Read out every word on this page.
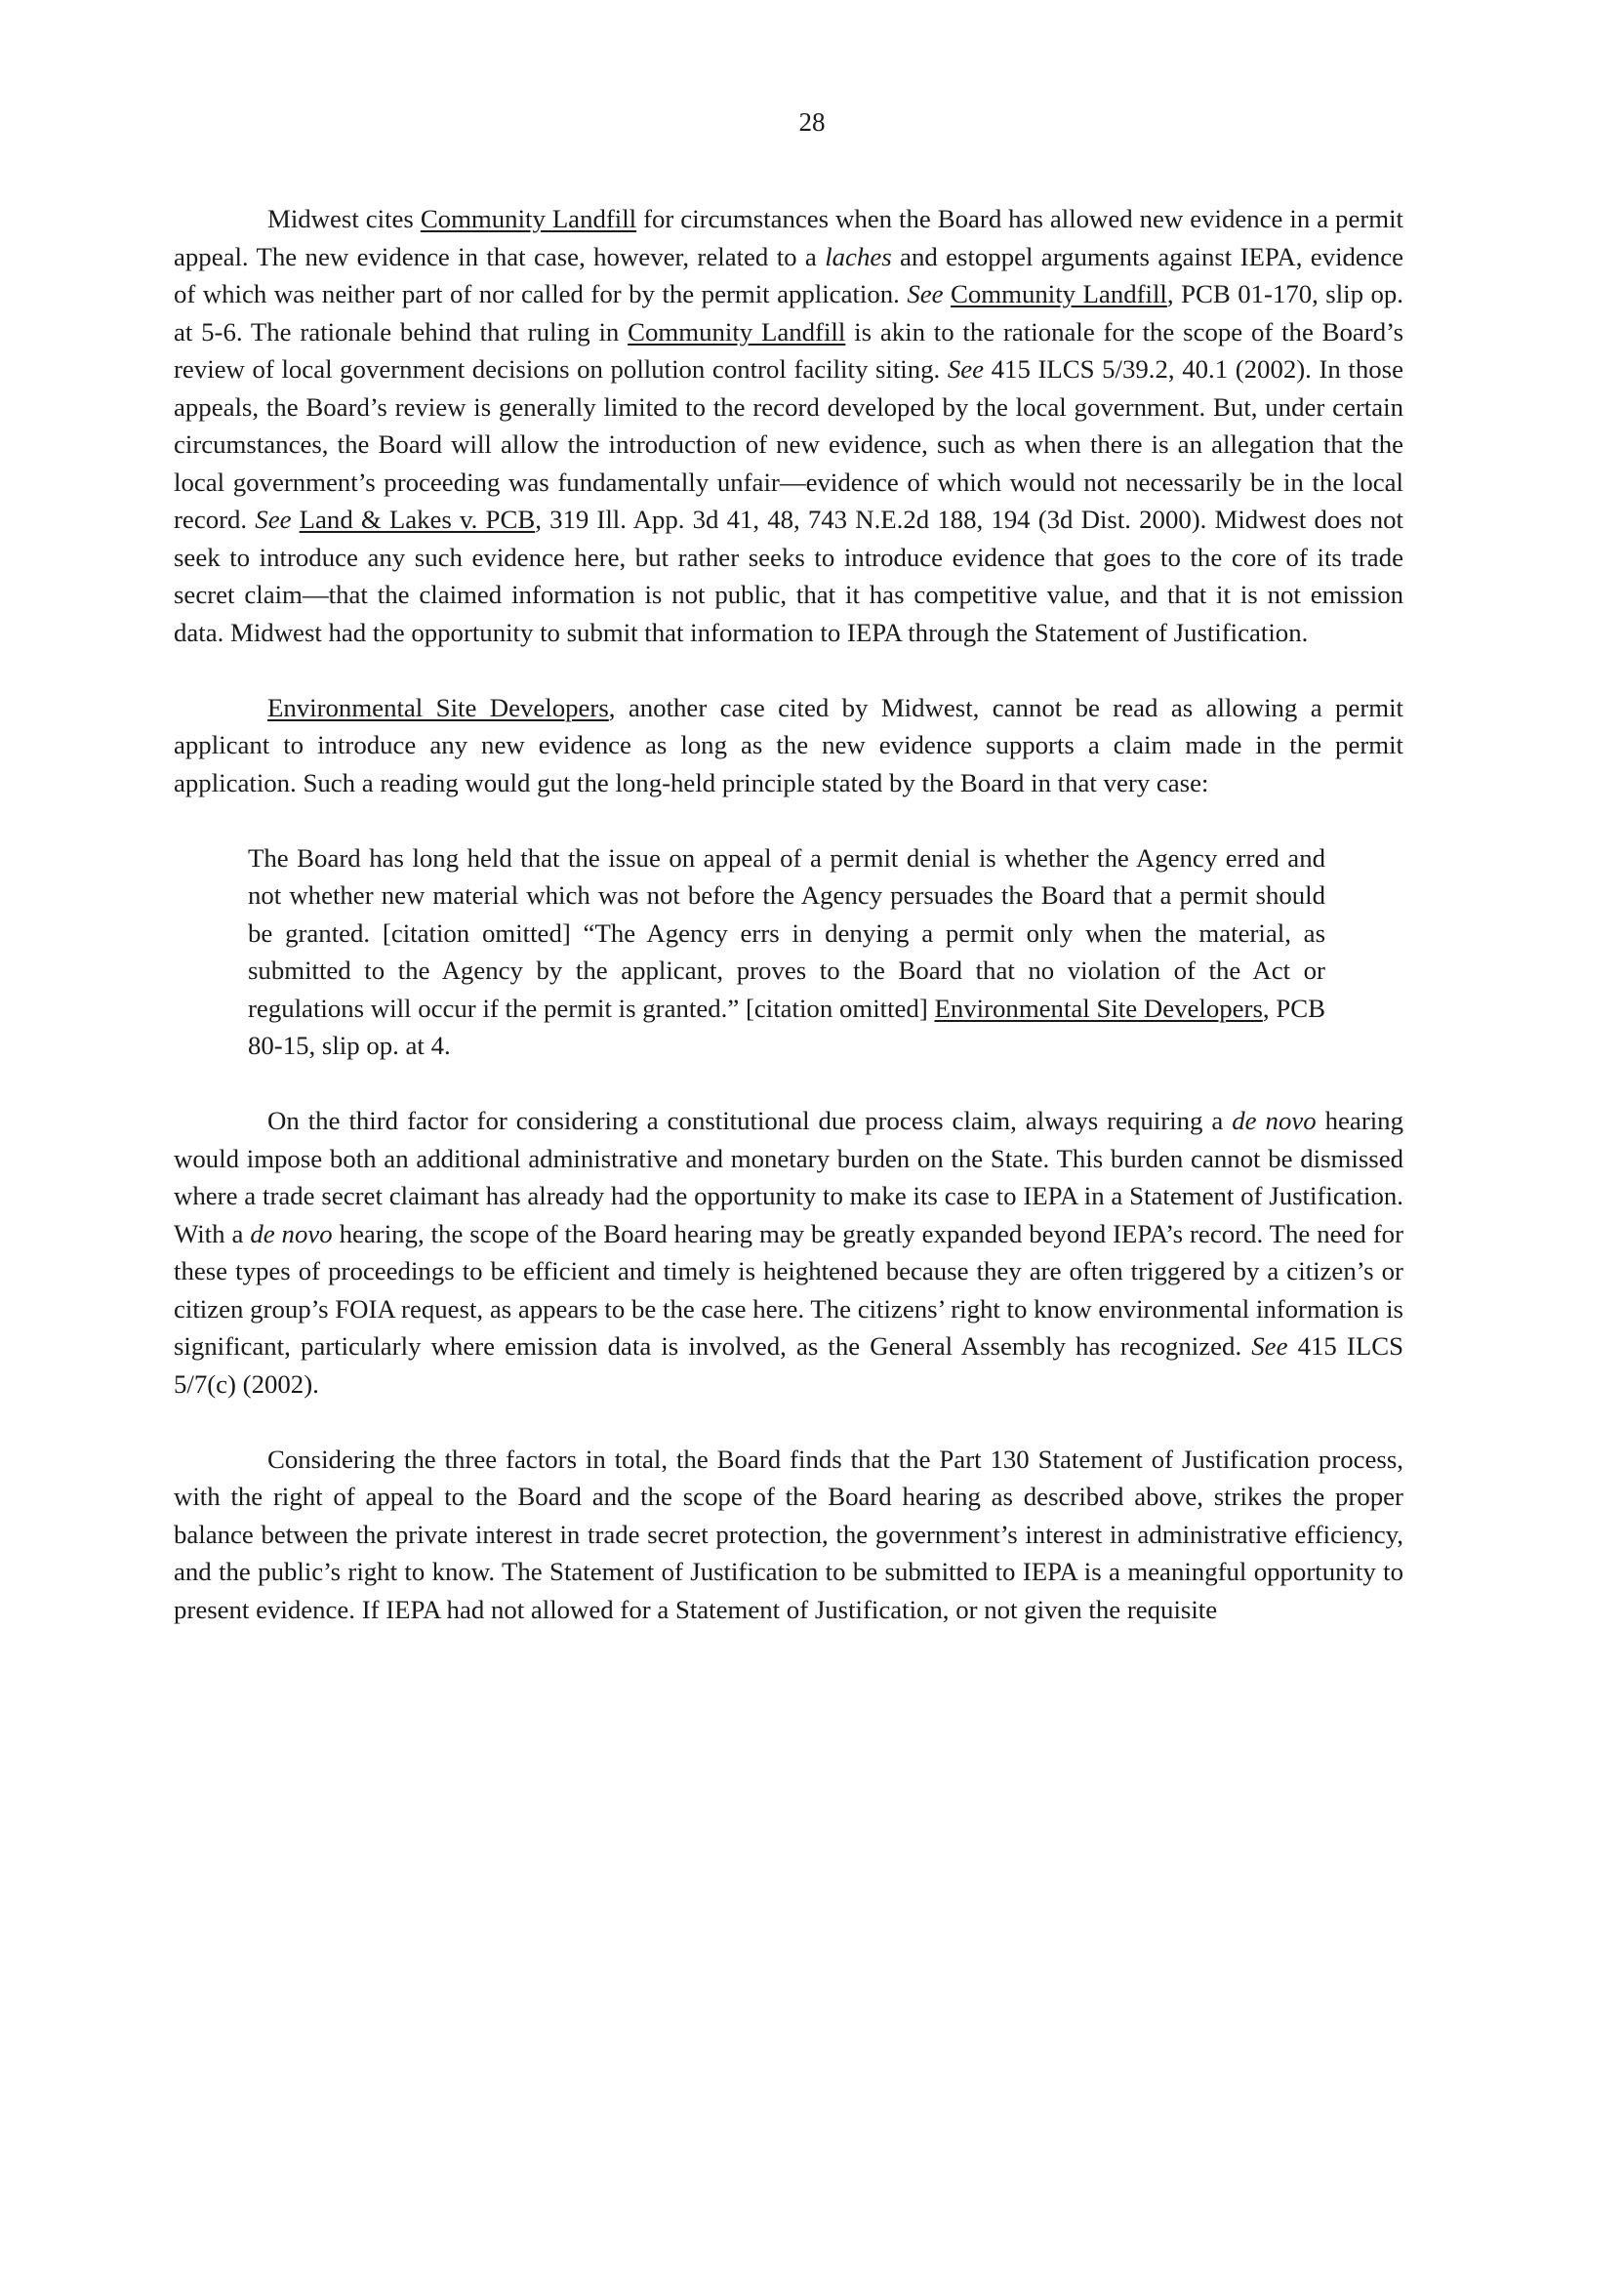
28

Midwest cites Community Landfill for circumstances when the Board has allowed new evidence in a permit appeal. The new evidence in that case, however, related to a laches and estoppel arguments against IEPA, evidence of which was neither part of nor called for by the permit application. See Community Landfill, PCB 01-170, slip op. at 5-6. The rationale behind that ruling in Community Landfill is akin to the rationale for the scope of the Board’s review of local government decisions on pollution control facility siting. See 415 ILCS 5/39.2, 40.1 (2002). In those appeals, the Board’s review is generally limited to the record developed by the local government. But, under certain circumstances, the Board will allow the introduction of new evidence, such as when there is an allegation that the local government’s proceeding was fundamentally unfair—evidence of which would not necessarily be in the local record. See Land & Lakes v. PCB, 319 Ill. App. 3d 41, 48, 743 N.E.2d 188, 194 (3d Dist. 2000). Midwest does not seek to introduce any such evidence here, but rather seeks to introduce evidence that goes to the core of its trade secret claim—that the claimed information is not public, that it has competitive value, and that it is not emission data. Midwest had the opportunity to submit that information to IEPA through the Statement of Justification.

Environmental Site Developers, another case cited by Midwest, cannot be read as allowing a permit applicant to introduce any new evidence as long as the new evidence supports a claim made in the permit application. Such a reading would gut the long-held principle stated by the Board in that very case:

The Board has long held that the issue on appeal of a permit denial is whether the Agency erred and not whether new material which was not before the Agency persuades the Board that a permit should be granted. [citation omitted] “The Agency errs in denying a permit only when the material, as submitted to the Agency by the applicant, proves to the Board that no violation of the Act or regulations will occur if the permit is granted.” [citation omitted] Environmental Site Developers, PCB 80-15, slip op. at 4.

On the third factor for considering a constitutional due process claim, always requiring a de novo hearing would impose both an additional administrative and monetary burden on the State. This burden cannot be dismissed where a trade secret claimant has already had the opportunity to make its case to IEPA in a Statement of Justification. With a de novo hearing, the scope of the Board hearing may be greatly expanded beyond IEPA’s record. The need for these types of proceedings to be efficient and timely is heightened because they are often triggered by a citizen’s or citizen group’s FOIA request, as appears to be the case here. The citizens’ right to know environmental information is significant, particularly where emission data is involved, as the General Assembly has recognized. See 415 ILCS 5/7(c) (2002).

Considering the three factors in total, the Board finds that the Part 130 Statement of Justification process, with the right of appeal to the Board and the scope of the Board hearing as described above, strikes the proper balance between the private interest in trade secret protection, the government’s interest in administrative efficiency, and the public’s right to know. The Statement of Justification to be submitted to IEPA is a meaningful opportunity to present evidence. If IEPA had not allowed for a Statement of Justification, or not given the requisite
